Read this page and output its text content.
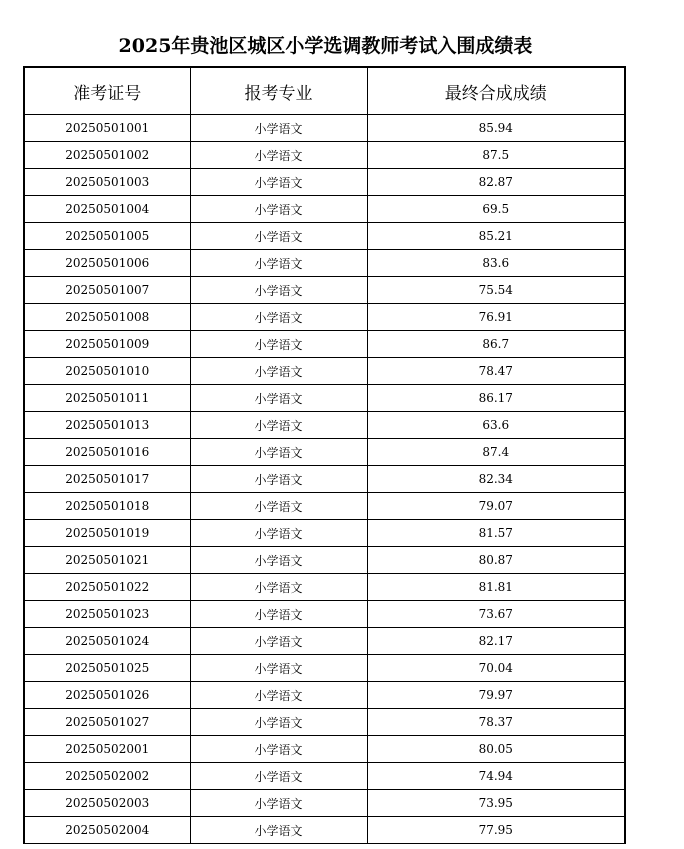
2025年贵池区城区小学选调教师考试入围成绩表
准考证号	报考专业	最终合成成绩
20250501001	小学语文	85.94
20250501002	小学语文	87.5
20250501003	小学语文	82.87
20250501004	小学语文	69.5
20250501005	小学语文	85.21
20250501006	小学语文	83.6
20250501007	小学语文	75.54
20250501008	小学语文	76.91
20250501009	小学语文	86.7
20250501010	小学语文	78.47
20250501011	小学语文	86.17
20250501013	小学语文	63.6
20250501016	小学语文	87.4
20250501017	小学语文	82.34
20250501018	小学语文	79.07
20250501019	小学语文	81.57
20250501021	小学语文	80.87
20250501022	小学语文	81.81
20250501023	小学语文	73.67
20250501024	小学语文	82.17
20250501025	小学语文	70.04
20250501026	小学语文	79.97
20250501027	小学语文	78.37
20250502001	小学语文	80.05
20250502002	小学语文	74.94
20250502003	小学语文	73.95
20250502004	小学语文	77.95
